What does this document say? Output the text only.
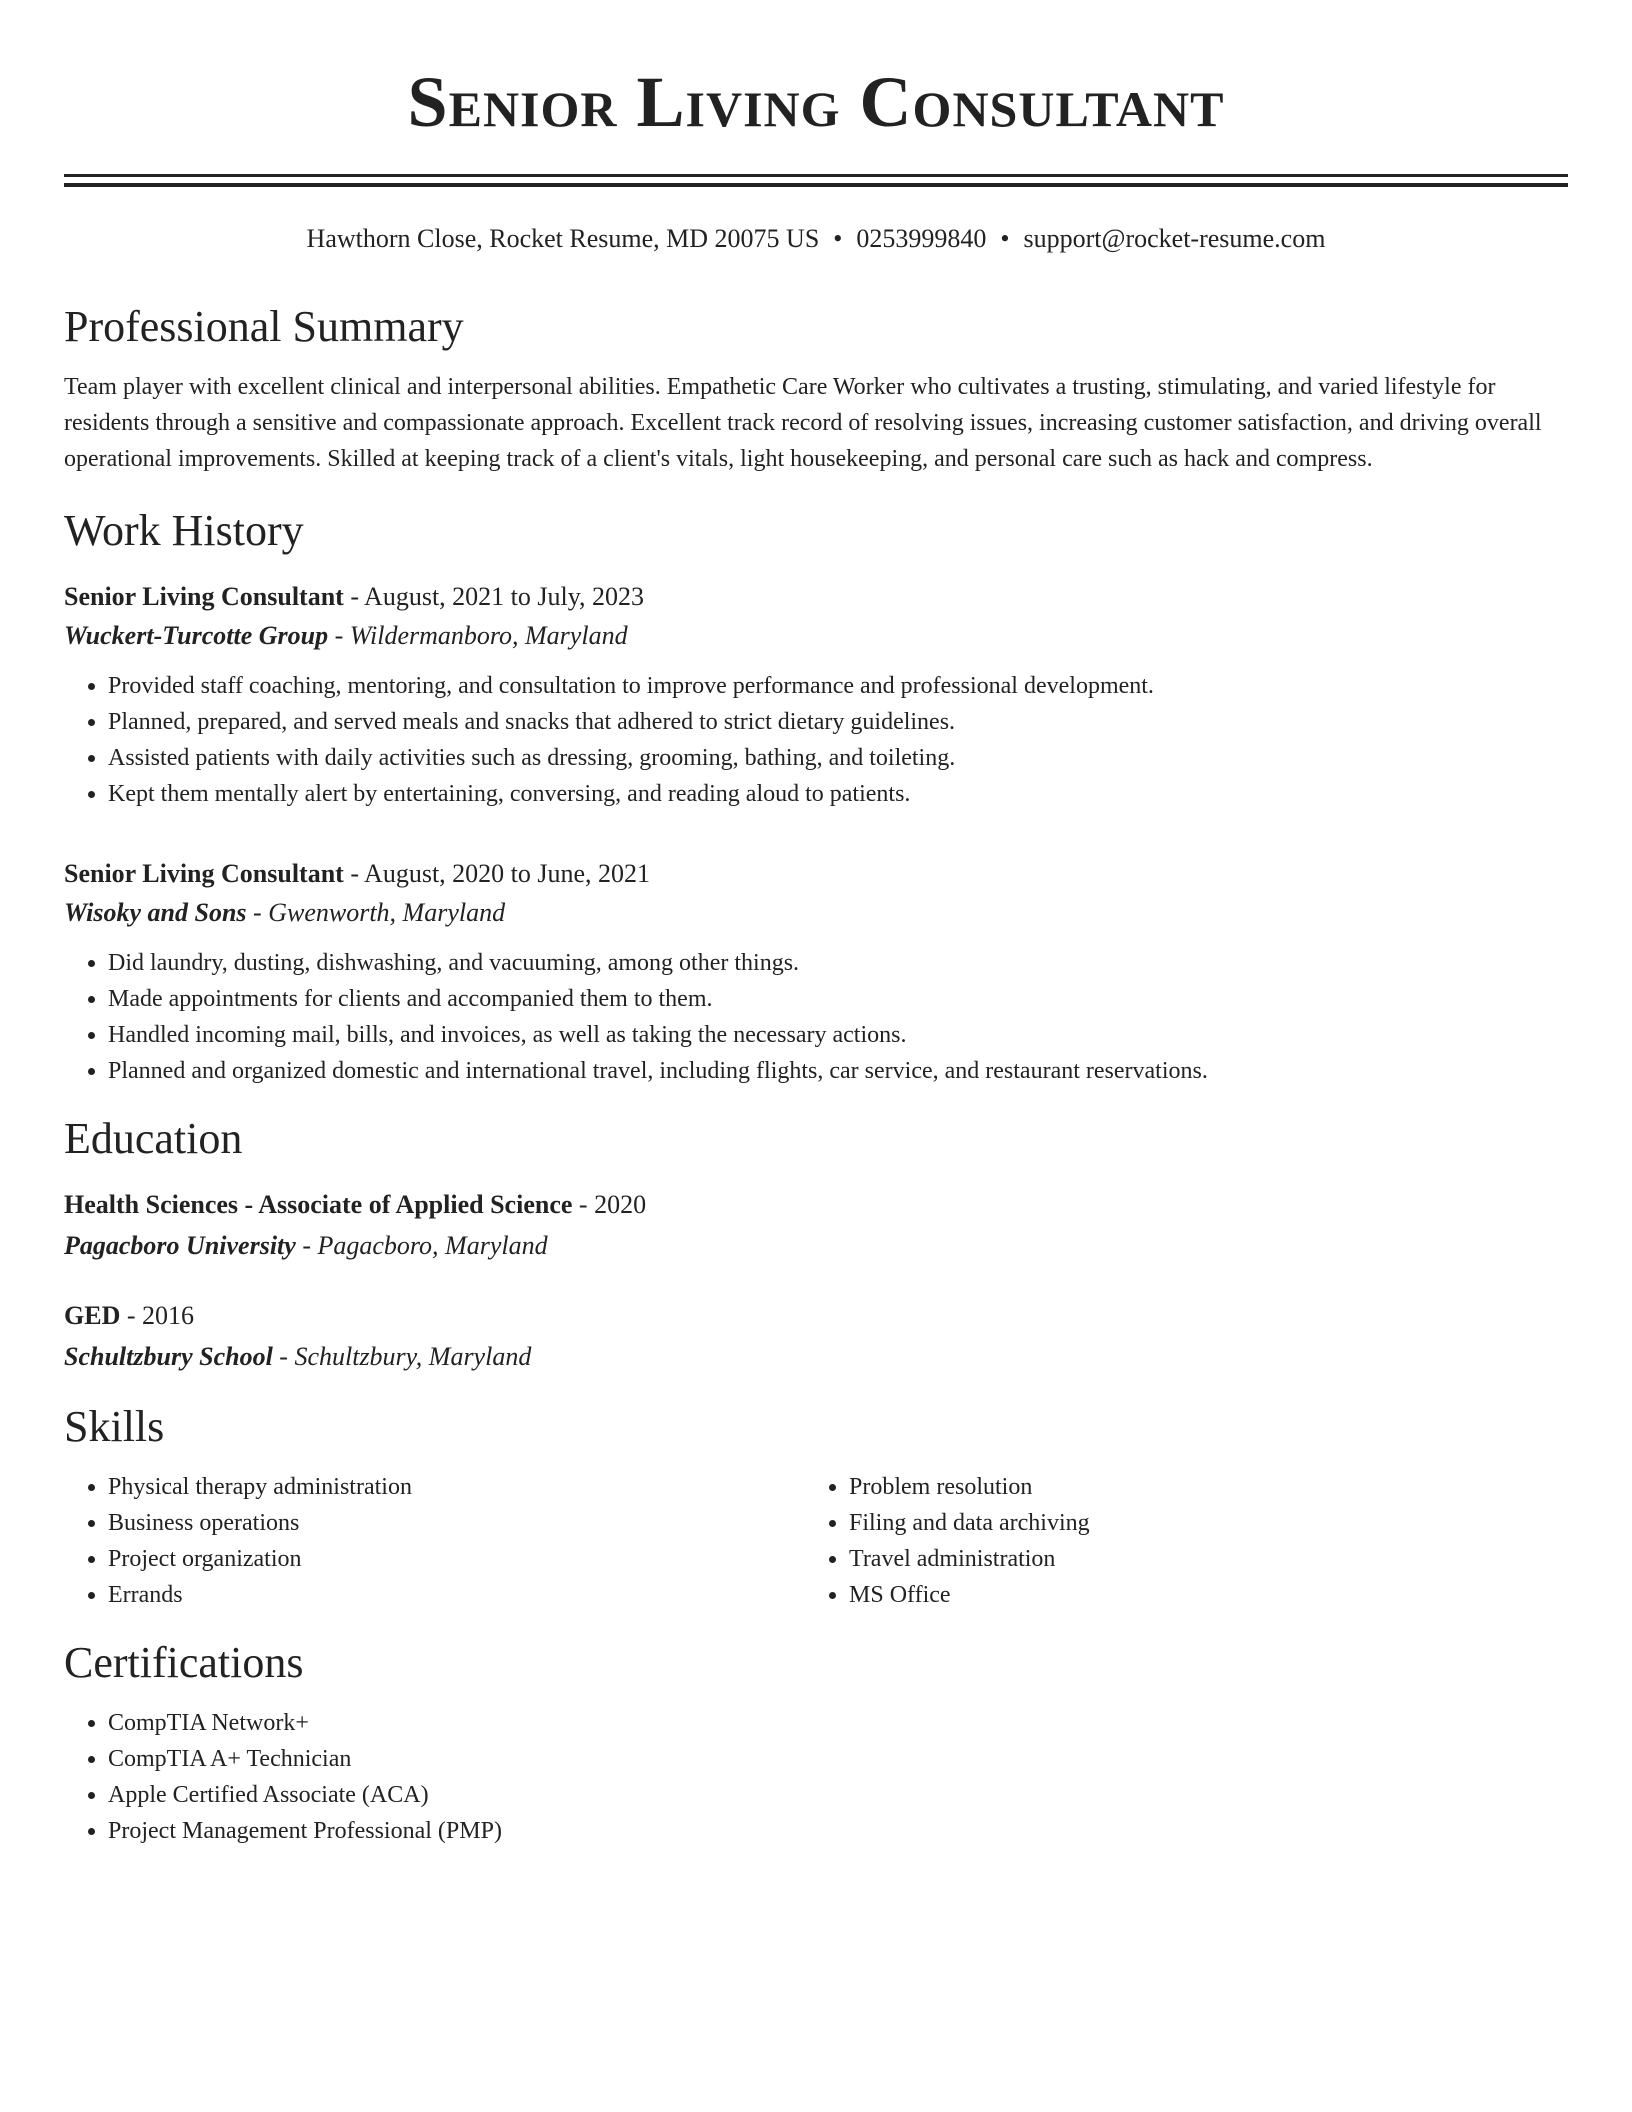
Senior Living Consultant
Hawthorn Close, Rocket Resume, MD 20075 US • 0253999840 • support@rocket-resume.com
Professional Summary
Team player with excellent clinical and interpersonal abilities. Empathetic Care Worker who cultivates a trusting, stimulating, and varied lifestyle for residents through a sensitive and compassionate approach. Excellent track record of resolving issues, increasing customer satisfaction, and driving overall operational improvements. Skilled at keeping track of a client's vitals, light housekeeping, and personal care such as hack and compress.
Work History
Senior Living Consultant - August, 2021 to July, 2023
Wuckert-Turcotte Group - Wildermanboro, Maryland
• Provided staff coaching, mentoring, and consultation to improve performance and professional development.
• Planned, prepared, and served meals and snacks that adhered to strict dietary guidelines.
• Assisted patients with daily activities such as dressing, grooming, bathing, and toileting.
• Kept them mentally alert by entertaining, conversing, and reading aloud to patients.
Senior Living Consultant - August, 2020 to June, 2021
Wisoky and Sons - Gwenworth, Maryland
• Did laundry, dusting, dishwashing, and vacuuming, among other things.
• Made appointments for clients and accompanied them to them.
• Handled incoming mail, bills, and invoices, as well as taking the necessary actions.
• Planned and organized domestic and international travel, including flights, car service, and restaurant reservations.
Education
Health Sciences - Associate of Applied Science - 2020
Pagacboro University - Pagacboro, Maryland
GED - 2016
Schultzbury School - Schultzbury, Maryland
Skills
• Physical therapy administration
• Business operations
• Project organization
• Errands
• Problem resolution
• Filing and data archiving
• Travel administration
• MS Office
Certifications
• CompTIA Network+
• CompTIA A+ Technician
• Apple Certified Associate (ACA)
• Project Management Professional (PMP)
